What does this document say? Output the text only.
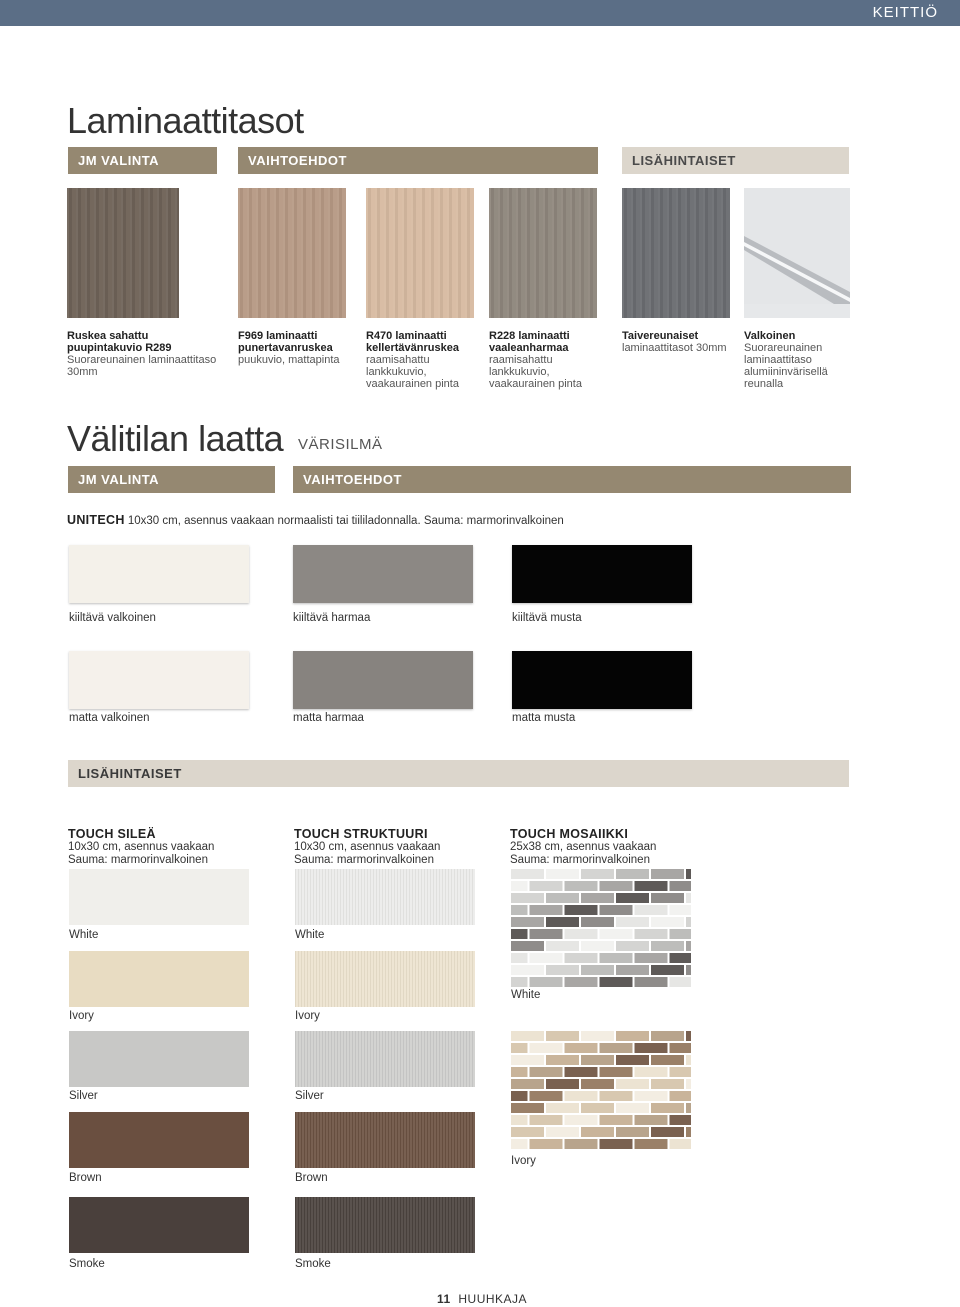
KEITTIÖ
Laminaattitasot
JM VALINTA	VAIHTOEHDOT	LISÄHINTAISET
Ruskea sahattu puupintakuvio R289
Suorareunainen laminaattitaso 30mm
F969 laminaatti punertavanruskea
puukuvio, mattapinta
R470 laminaatti kellertävänruskea
raamisahattu lankkukuvio, vaakaurainen pinta
R228 laminaatti vaaleanharmaa
raamisahattu lankkukuvio, vaakaurainen pinta
Taivereunaiset
laminaattitasot 30mm
Valkoinen
Suorareunainen laminaattitaso alumiininvärisellä reunalla
Välitilan laatta VÄRISILMÄ
JM VALINTA	VAIHTOEHDOT
UNITECH 10x30 cm, asennus vaakaan normaalisti tai tiililadonnalla. Sauma: marmorinvalkoinen
kiiltävä valkoinen	kiiltävä harmaa	kiiltävä musta
matta valkoinen	matta harmaa	matta musta
LISÄHINTAISET
TOUCH SILEÄ
10x30 cm, asennus vaakaan
Sauma: marmorinvalkoinen
White
Ivory
Silver
Brown
Smoke
TOUCH STRUKTUURI
10x30 cm, asennus vaakaan
Sauma: marmorinvalkoinen
White
Ivory
Silver
Brown
Smoke
TOUCH MOSAIIKKI
25x38 cm, asennus vaakaan
Sauma: marmorinvalkoinen
White
Ivory
11 HUUHKAJA
